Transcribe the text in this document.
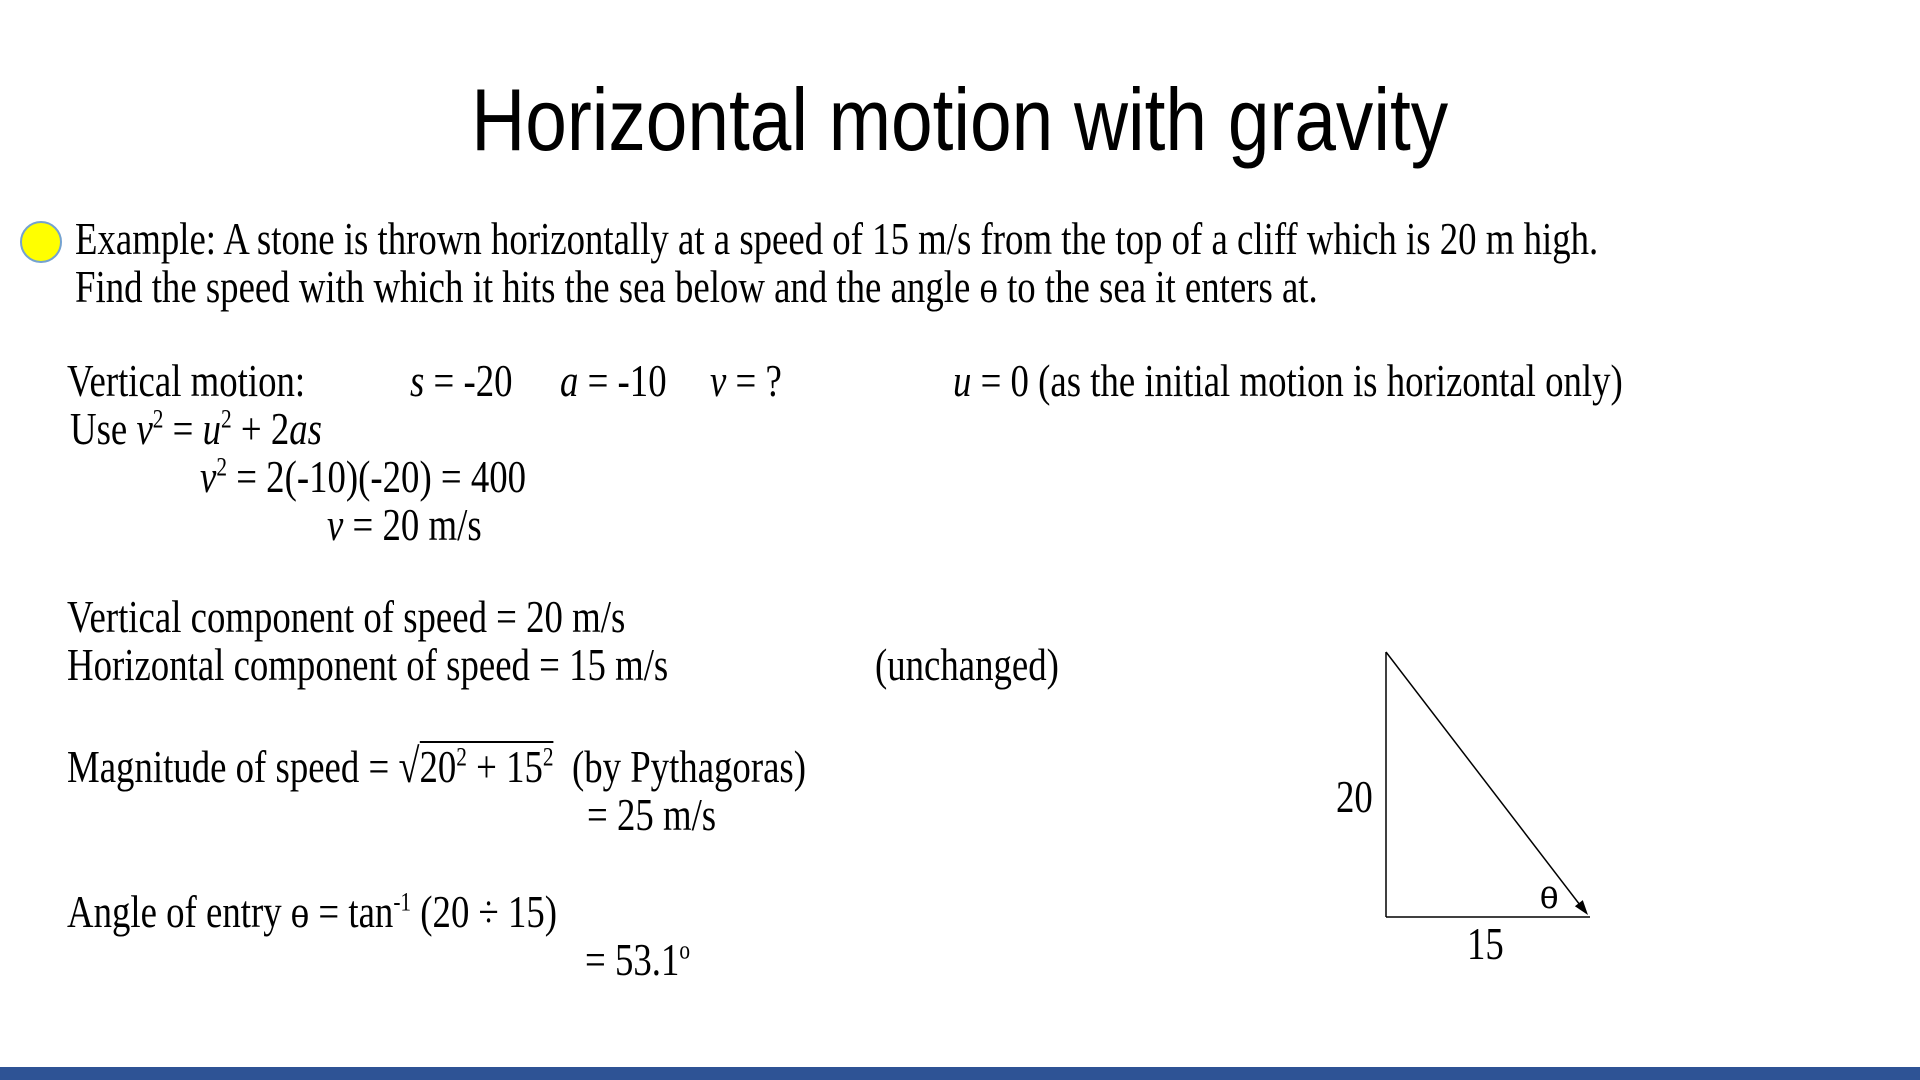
Horizontal motion with gravity
Example: A stone is thrown horizontally at a speed of 15 m/s from the top of a cliff which is 20 m high.
Find the speed with which it hits the sea below and the angle ɵ to the sea it enters at.
Vertical motion: s = -20 a = -10 v = ?	u = 0 (as the initial motion is horizontal only)
Use $v^2 = u^2 + 2as$
$v^2 = 2(-10)(-20) = 400$
v = 20 m/s
Vertical component of speed = 20 m/s
Horizontal component of speed = 15 m/s	(unchanged)
Magnitude of speed = $√20^2 + 15^2$  (by Pythagoras)
= 25 m/s
Angle of entry ɵ = $\tan^{-1} (20 \div 15)$
= $53.1^o$
20
15
ɵ
